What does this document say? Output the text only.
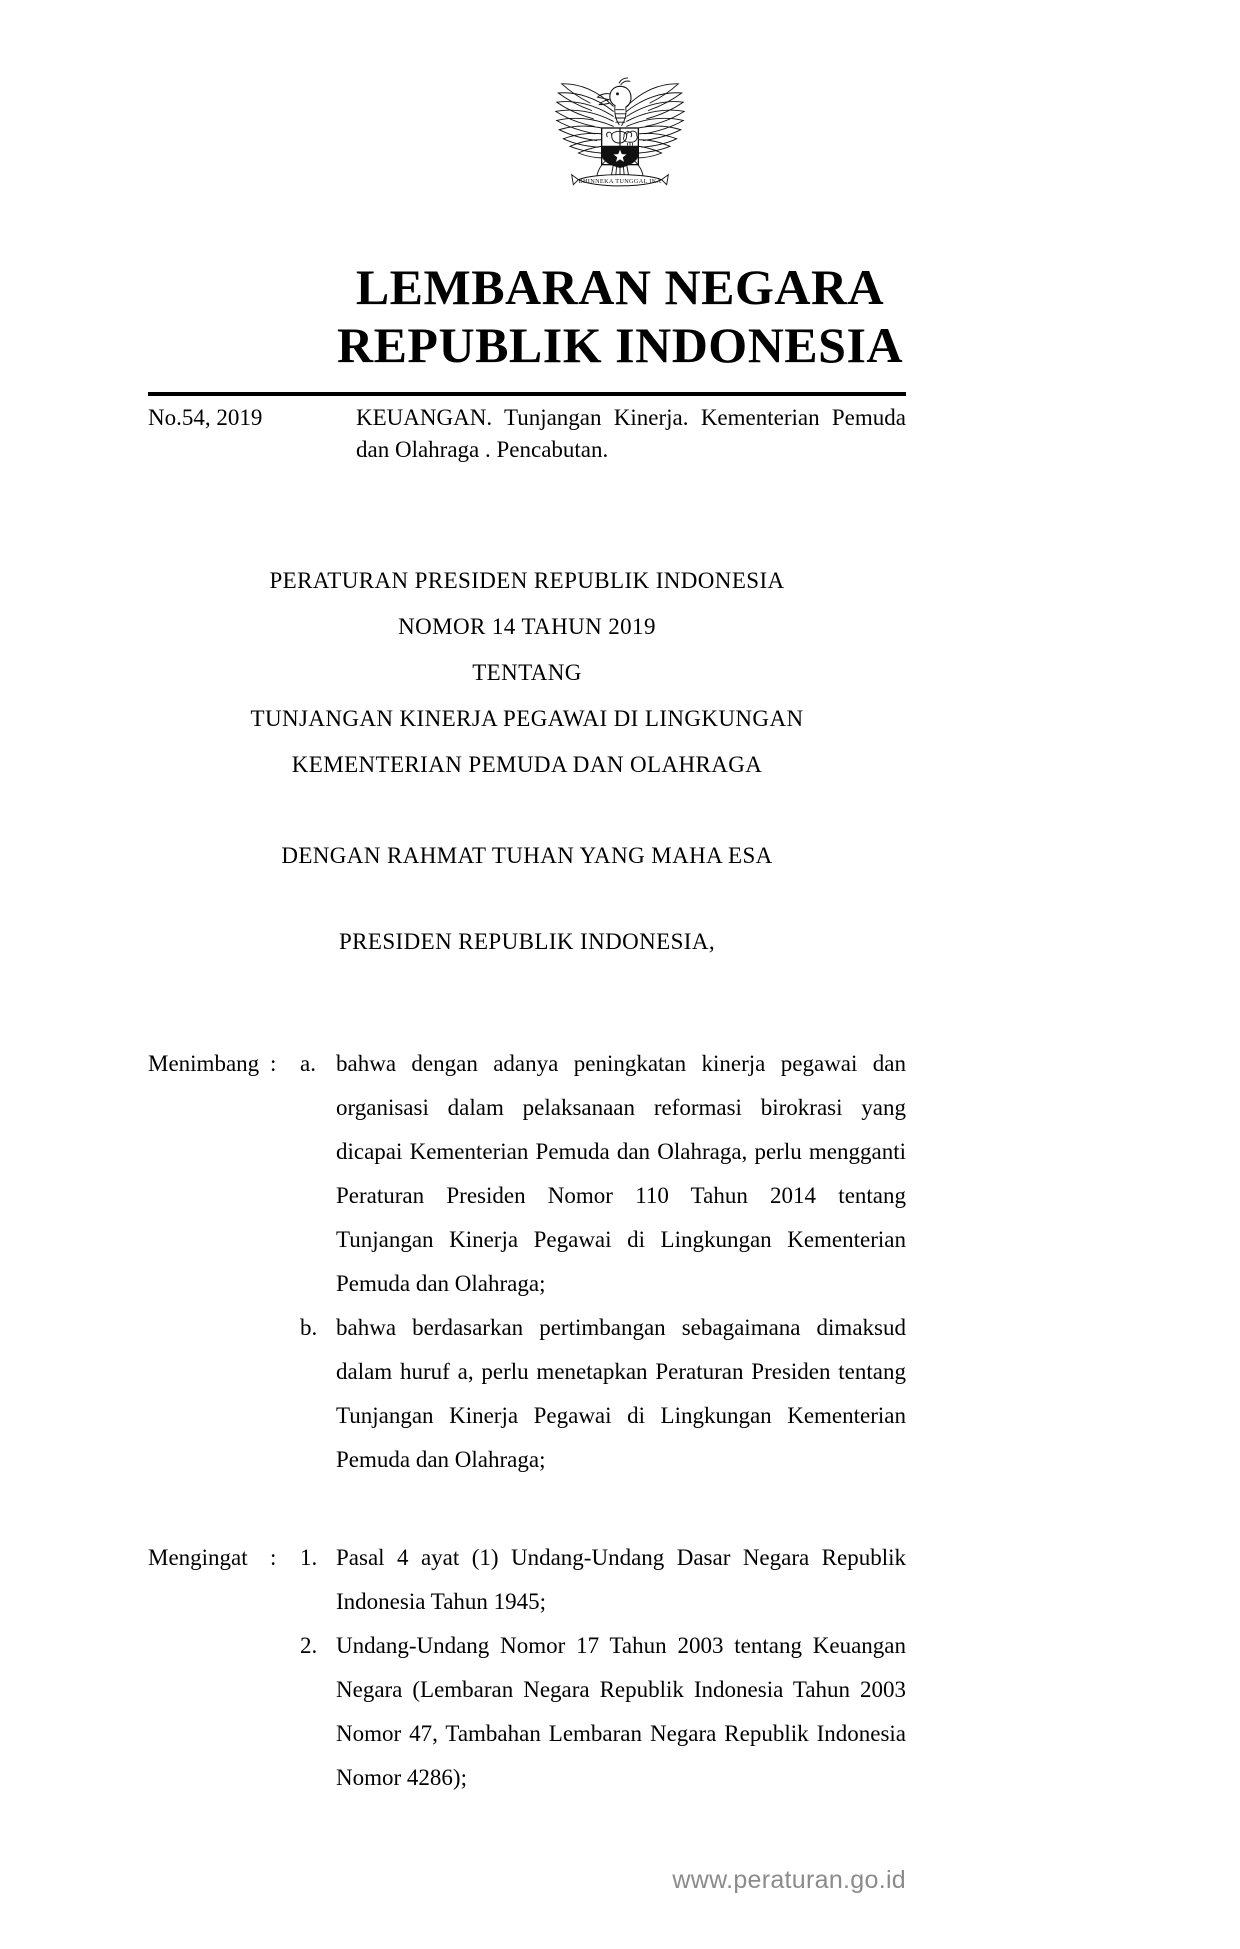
BHINNEKA TUNGGAL IKA
LEMBARAN NEGARA
REPUBLIK INDONESIA
No.54, 2019	KEUANGAN. Tunjangan Kinerja. Kementerian Pemuda dan Olahraga . Pencabutan.
PERATURAN PRESIDEN REPUBLIK INDONESIA
NOMOR 14 TAHUN 2019
TENTANG
TUNJANGAN KINERJA PEGAWAI DI LINGKUNGAN
KEMENTERIAN PEMUDA DAN OLAHRAGA
DENGAN RAHMAT TUHAN YANG MAHA ESA
PRESIDEN REPUBLIK INDONESIA,
Menimbang :	a. bahwa dengan adanya peningkatan kinerja pegawai dan organisasi dalam pelaksanaan reformasi birokrasi yang dicapai Kementerian Pemuda dan Olahraga, perlu mengganti Peraturan Presiden Nomor 110 Tahun 2014 tentang Tunjangan Kinerja Pegawai di Lingkungan Kementerian Pemuda dan Olahraga;
b. bahwa berdasarkan pertimbangan sebagaimana dimaksud dalam huruf a, perlu menetapkan Peraturan Presiden tentang Tunjangan Kinerja Pegawai di Lingkungan Kementerian Pemuda dan Olahraga;
Mengingat :	1. Pasal 4 ayat (1) Undang-Undang Dasar Negara Republik Indonesia Tahun 1945;
2. Undang-Undang Nomor 17 Tahun 2003 tentang Keuangan Negara (Lembaran Negara Republik Indonesia Tahun 2003 Nomor 47, Tambahan Lembaran Negara Republik Indonesia Nomor 4286);
www.peraturan.go.id
